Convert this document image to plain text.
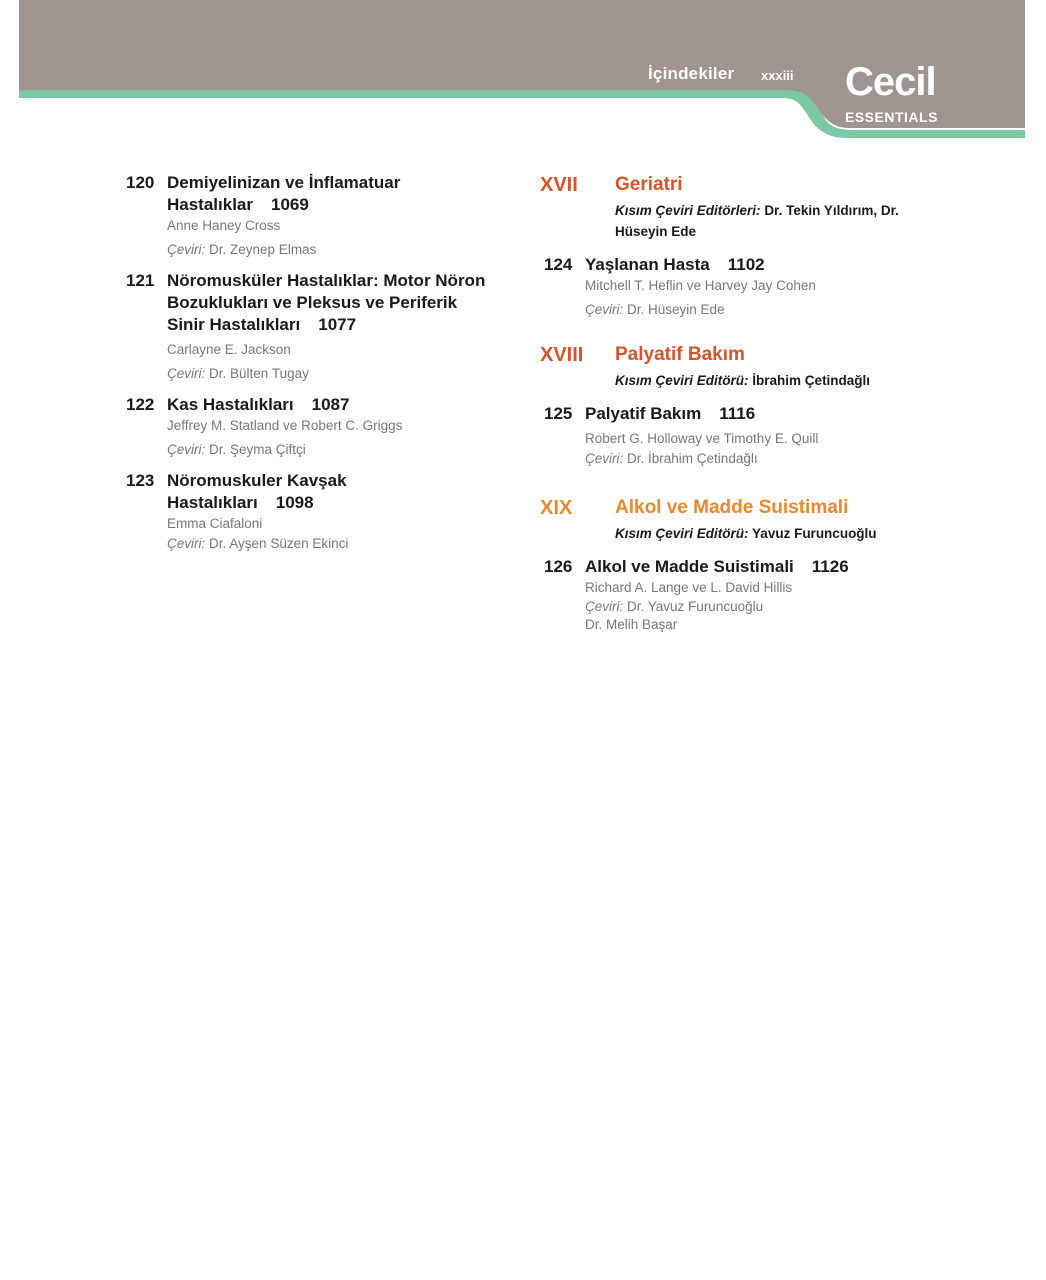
İçindekiler xxxiii Cecil
ESSENTIALS
120 Demiyelinizan ve İnflamatuar Hastalıklar 1069
Anne Haney Cross
Çeviri: Dr. Zeynep Elmas
121 Nöromusküler Hastalıklar: Motor Nöron Bozuklukları ve Pleksus ve Periferik Sinir Hastalıkları 1077
Carlayne E. Jackson
Çeviri: Dr. Bülten Tugay
122 Kas Hastalıkları 1087
Jeffrey M. Statland ve Robert C. Griggs
Çeviri: Dr. Şeyma Çiftçi
123 Nöromuskuler Kavşak Hastalıkları 1098
Emma Ciafaloni
Çeviri: Dr. Ayşen Süzen Ekinci
XVII Geriatri
Kısım Çeviri Editörleri: Dr. Tekin Yıldırım, Dr. Hüseyin Ede
124 Yaşlanan Hasta 1102
Mitchell T. Heflin ve Harvey Jay Cohen
Çeviri: Dr. Hüseyin Ede
XVIII Palyatif Bakım
Kısım Çeviri Editörü: İbrahim Çetindağlı
125 Palyatif Bakım 1116
Robert G. Holloway ve Timothy E. Quill
Çeviri: Dr. İbrahim Çetindağlı
XIX Alkol ve Madde Suistimali
Kısım Çeviri Editörü: Yavuz Furuncuoğlu
126 Alkol ve Madde Suistimali 1126
Richard A. Lange ve L. David Hillis
Çeviri: Dr. Yavuz Furuncuoğlu
Dr. Melih Başar
